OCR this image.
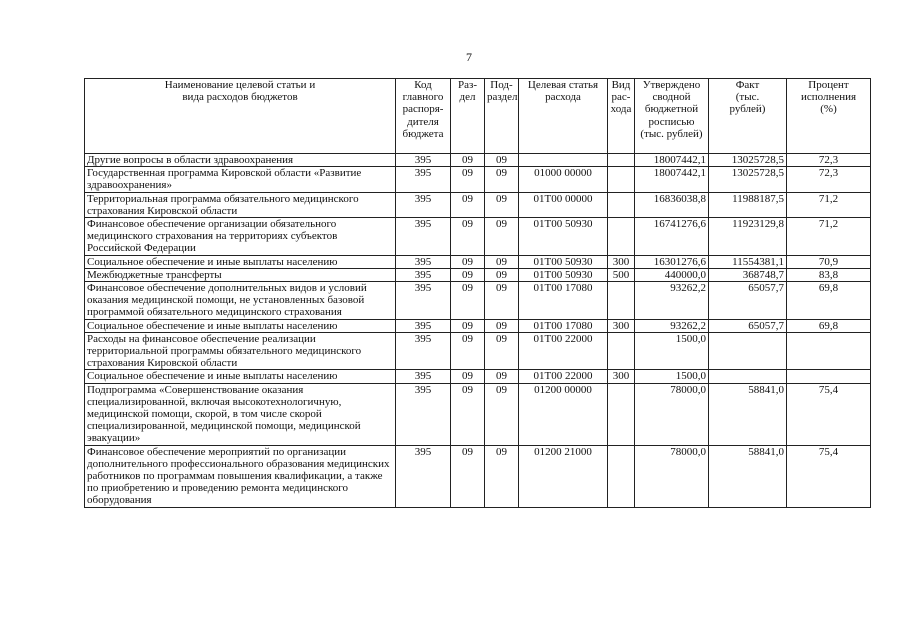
7
Наименование целевой статьи и
вида расходов бюджетов	Код
главного
распоря-
дителя
бюджета	Раз-
дел	Под-
раздел	Целевая статья
расхода	Вид
рас-
хода	Утверждено
сводной
бюджетной
росписью
(тыс. рублей)	Факт
(тыс.
рублей)	Процент
исполнения
(%)

Другие вопросы в области здравоохранения	395	09	09			18007442,1	13025728,5	72,3
Государственная программа Кировской области «Развитие здравоохранения»	395	09	09	01000 00000		18007442,1	13025728,5	72,3
Территориальная программа обязательного медицинского страхования Кировской области	395	09	09	01Т00 00000		16836038,8	11988187,5	71,2
Финансовое обеспечение организации обязательного медицинского страхования на территориях субъектов Российской Федерации	395	09	09	01Т00 50930		16741276,6	11923129,8	71,2
Социальное обеспечение и иные выплаты населению	395	09	09	01Т00 50930	300	16301276,6	11554381,1	70,9
Межбюджетные трансферты	395	09	09	01Т00 50930	500	440000,0	368748,7	83,8
Финансовое обеспечение дополнительных видов и условий оказания медицинской помощи, не установленных базовой программой обязательного медицинского страхования	395	09	09	01Т00 17080		93262,2	65057,7	69,8
Социальное обеспечение и иные выплаты населению	395	09	09	01Т00 17080	300	93262,2	65057,7	69,8
Расходы на финансовое обеспечение реализации территориальной программы обязательного медицинского страхования Кировской области	395	09	09	01Т00 22000		1500,0		
Социальное обеспечение и иные выплаты населению	395	09	09	01Т00 22000	300	1500,0		
Подпрограмма «Совершенствование оказания специализированной, включая высокотехнологичную, медицинской помощи, скорой, в том числе скорой специализированной, медицинской помощи, медицинской эвакуации»	395	09	09	01200 00000		78000,0	58841,0	75,4
Финансовое обеспечение мероприятий по организации дополнительного профессионального образования медицинских работников по программам повышения квалификации, а также по приобретению и проведению ремонта медицинского оборудования	395	09	09	01200 21000		78000,0	58841,0	75,4
